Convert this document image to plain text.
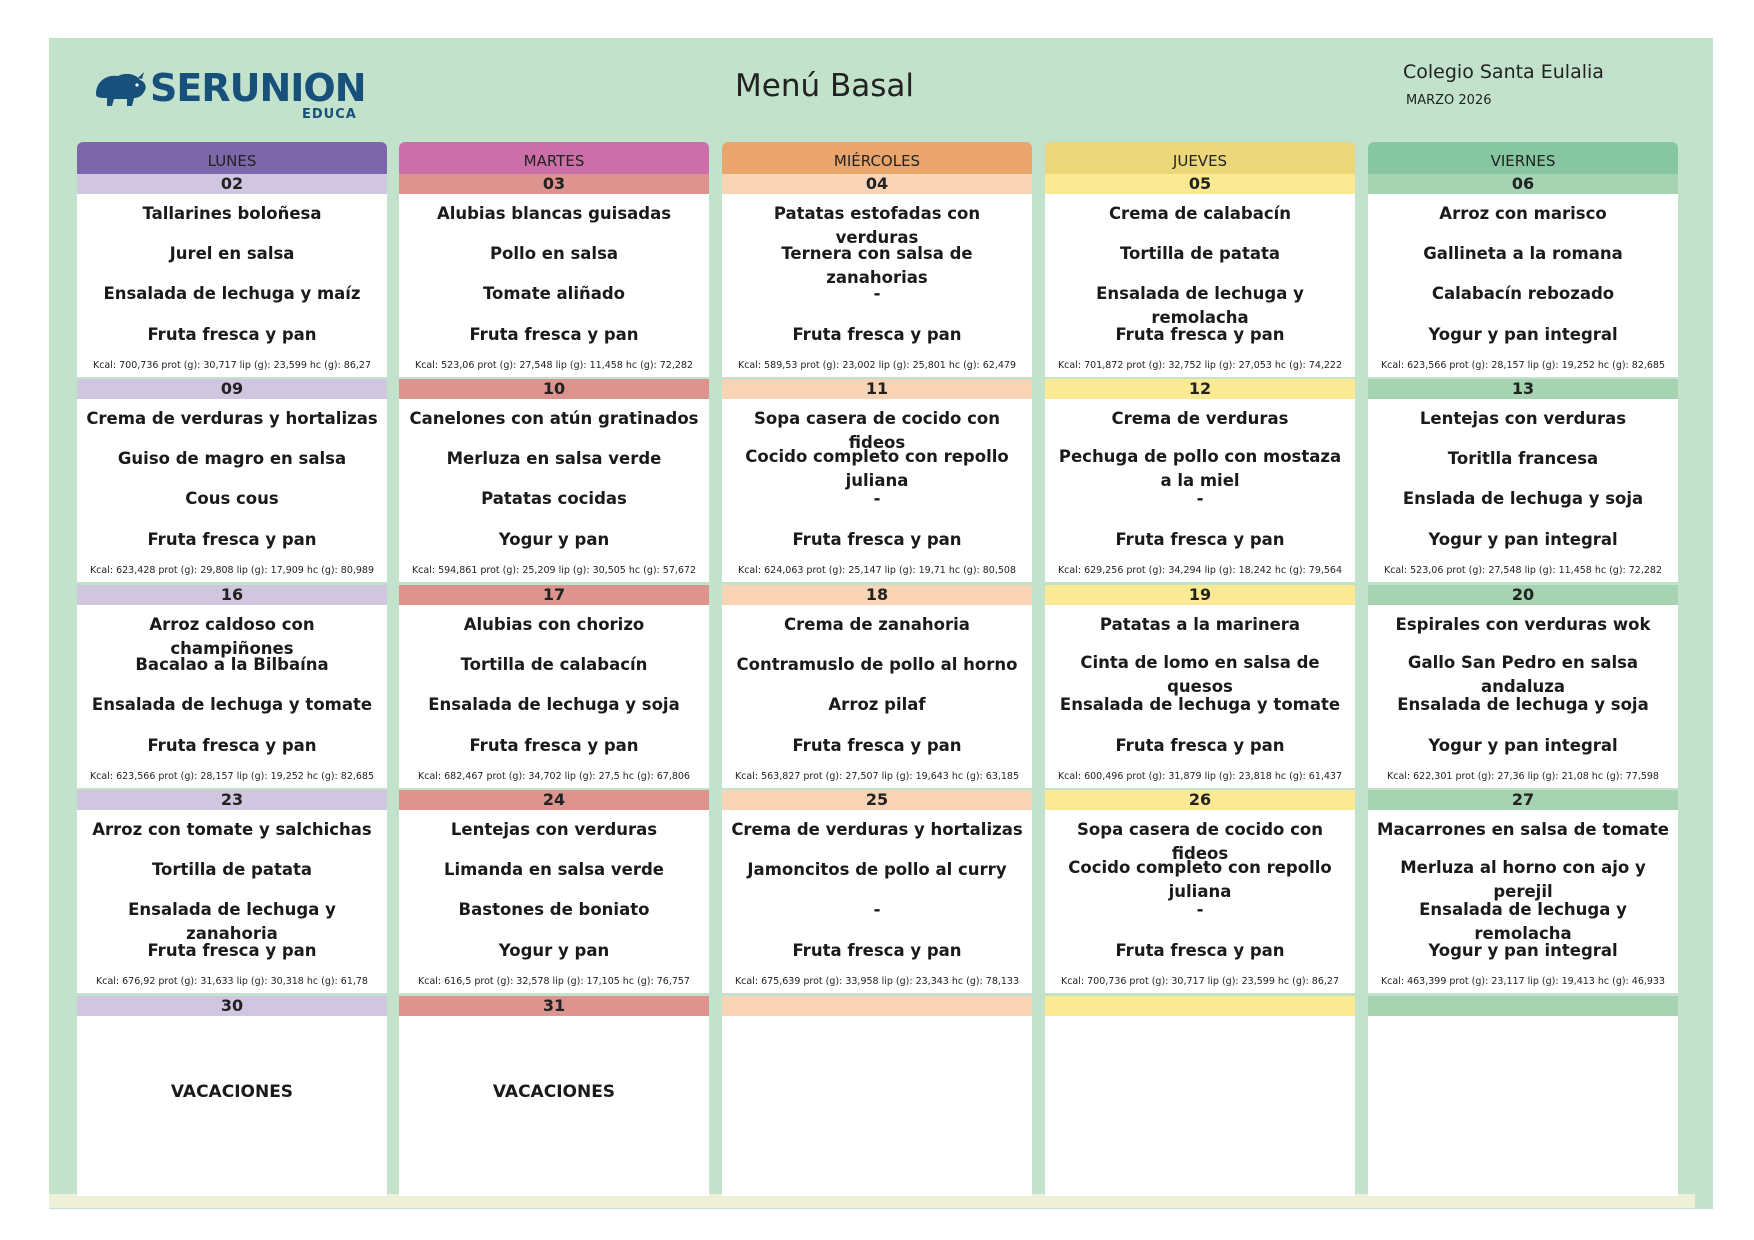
SERUNION
EDUCA
Menú Basal	Colegio Santa Eulalia
MARZO 2026
LUNES	MARTES	MIÉRCOLES	JUEVES	VIERNES
02
Tallarines boloñesa
Jurel en salsa
Ensalada de lechuga y maíz
Fruta fresca y pan
Kcal: 700,736 prot (g): 30,717 lip (g): 23,599 hc (g): 86,27
03
Alubias blancas guisadas
Pollo en salsa
Tomate aliñado
Fruta fresca y pan
Kcal: 523,06 prot (g): 27,548 lip (g): 11,458 hc (g): 72,282
04
Patatas estofadas con verduras
Ternera con salsa de zanahorias
-
Fruta fresca y pan
Kcal: 589,53 prot (g): 23,002 lip (g): 25,801 hc (g): 62,479
05
Crema de calabacín
Tortilla de patata
Ensalada de lechuga y remolacha
Fruta fresca y pan
Kcal: 701,872 prot (g): 32,752 lip (g): 27,053 hc (g): 74,222
06
Arroz con marisco
Gallineta a la romana
Calabacín rebozado
Yogur y pan integral
Kcal: 623,566 prot (g): 28,157 lip (g): 19,252 hc (g): 82,685
09
Crema de verduras y hortalizas
Guiso de magro en salsa
Cous cous
Fruta fresca y pan
Kcal: 623,428 prot (g): 29,808 lip (g): 17,909 hc (g): 80,989
10
Canelones con atún gratinados
Merluza en salsa verde
Patatas cocidas
Yogur y pan
Kcal: 594,861 prot (g): 25,209 lip (g): 30,505 hc (g): 57,672
11
Sopa casera de cocido con fideos
Cocido completo con repollo juliana
-
Fruta fresca y pan
Kcal: 624,063 prot (g): 25,147 lip (g): 19,71 hc (g): 80,508
12
Crema de verduras
Pechuga de pollo con mostaza a la miel
-
Fruta fresca y pan
Kcal: 629,256 prot (g): 34,294 lip (g): 18,242 hc (g): 79,564
13
Lentejas con verduras
Toritlla francesa
Enslada de lechuga y soja
Yogur y pan integral
Kcal: 523,06 prot (g): 27,548 lip (g): 11,458 hc (g): 72,282
16
Arroz caldoso con champiñones
Bacalao a la Bilbaína
Ensalada de lechuga y tomate
Fruta fresca y pan
Kcal: 623,566 prot (g): 28,157 lip (g): 19,252 hc (g): 82,685
17
Alubias con chorizo
Tortilla de calabacín
Ensalada de lechuga y soja
Fruta fresca y pan
Kcal: 682,467 prot (g): 34,702 lip (g): 27,5 hc (g): 67,806
18
Crema de zanahoria
Contramuslo de pollo al horno
Arroz pilaf
Fruta fresca y pan
Kcal: 563,827 prot (g): 27,507 lip (g): 19,643 hc (g): 63,185
19
Patatas a la marinera
Cinta de lomo en salsa de quesos
Ensalada de lechuga y tomate
Fruta fresca y pan
Kcal: 600,496 prot (g): 31,879 lip (g): 23,818 hc (g): 61,437
20
Espirales con verduras wok
Gallo San Pedro en salsa andaluza
Ensalada de lechuga y soja
Yogur y pan integral
Kcal: 622,301 prot (g): 27,36 lip (g): 21,08 hc (g): 77,598
23
Arroz con tomate y salchichas
Tortilla de patata
Ensalada de lechuga y zanahoria
Fruta fresca y pan
Kcal: 676,92 prot (g): 31,633 lip (g): 30,318 hc (g): 61,78
24
Lentejas con verduras
Limanda en salsa verde
Bastones de boniato
Yogur y pan
Kcal: 616,5 prot (g): 32,578 lip (g): 17,105 hc (g): 76,757
25
Crema de verduras y hortalizas
Jamoncitos de pollo al curry
-
Fruta fresca y pan
Kcal: 675,639 prot (g): 33,958 lip (g): 23,343 hc (g): 78,133
26
Sopa casera de cocido con fideos
Cocido completo con repollo juliana
-
Fruta fresca y pan
Kcal: 700,736 prot (g): 30,717 lip (g): 23,599 hc (g): 86,27
27
Macarrones en salsa de tomate
Merluza al horno con ajo y perejil
Ensalada de lechuga y remolacha
Yogur y pan integral
Kcal: 463,399 prot (g): 23,117 lip (g): 19,413 hc (g): 46,933
30
VACACIONES
31
VACACIONES
